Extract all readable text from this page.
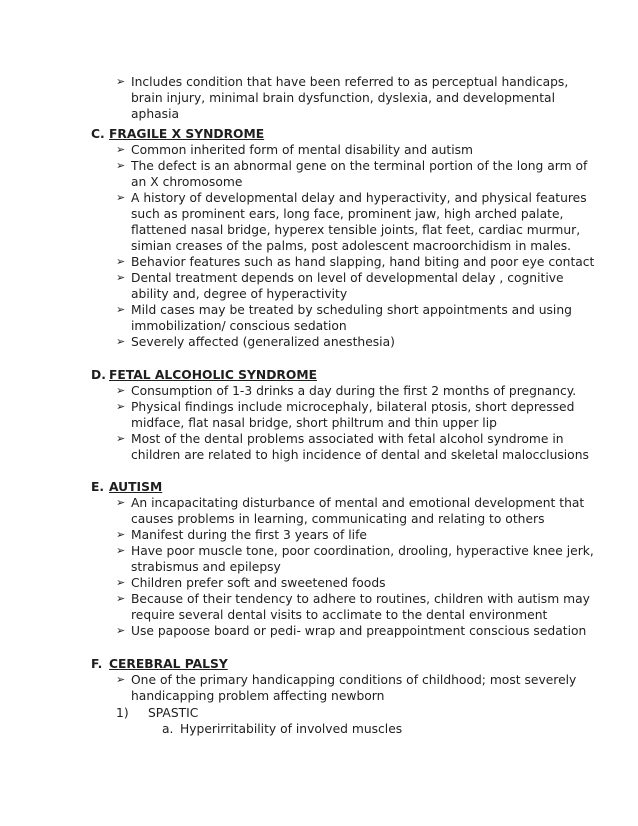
➢ Includes condition that have been referred to as perceptual handicaps, brain injury, minimal brain dysfunction, dyslexia, and developmental aphasia
C. FRAGILE X SYNDROME
➢ Common inherited form of mental disability and autism
➢ The defect is an abnormal gene on the terminal portion of the long arm of an X chromosome
➢ A history of developmental delay and hyperactivity, and physical features such as prominent ears, long face, prominent jaw, high arched palate, flattened nasal bridge, hyperex tensible joints, flat feet, cardiac murmur, simian creases of the palms, post adolescent macroorchidism in males.
➢ Behavior features such as hand slapping, hand biting and poor eye contact
➢ Dental treatment depends on level of developmental delay , cognitive ability and, degree of hyperactivity
➢ Mild cases may be treated by scheduling short appointments and using immobilization/ conscious sedation
➢ Severely affected (generalized anesthesia)
D. FETAL ALCOHOLIC SYNDROME
➢ Consumption of 1-3 drinks a day during the first 2 months of pregnancy.
➢ Physical findings include microcephaly, bilateral ptosis, short depressed midface, flat nasal bridge, short philtrum and thin upper lip
➢ Most of the dental problems associated with fetal alcohol syndrome in children are related to high incidence of dental and skeletal malocclusions
E. AUTISM
➢ An incapacitating disturbance of mental and emotional development that causes problems in learning, communicating and relating to others
➢ Manifest during the first 3 years of life
➢ Have poor muscle tone, poor coordination, drooling, hyperactive knee jerk, strabismus and epilepsy
➢ Children prefer soft and sweetened foods
➢ Because of their tendency to adhere to routines, children with autism may require several dental visits to acclimate to the dental environment
➢ Use papoose board or pedi- wrap and preappointment conscious sedation
F. CEREBRAL PALSY
➢ One of the primary handicapping conditions of childhood; most severely handicapping problem affecting newborn
1) SPASTIC
a. Hyperirritability of involved muscles
